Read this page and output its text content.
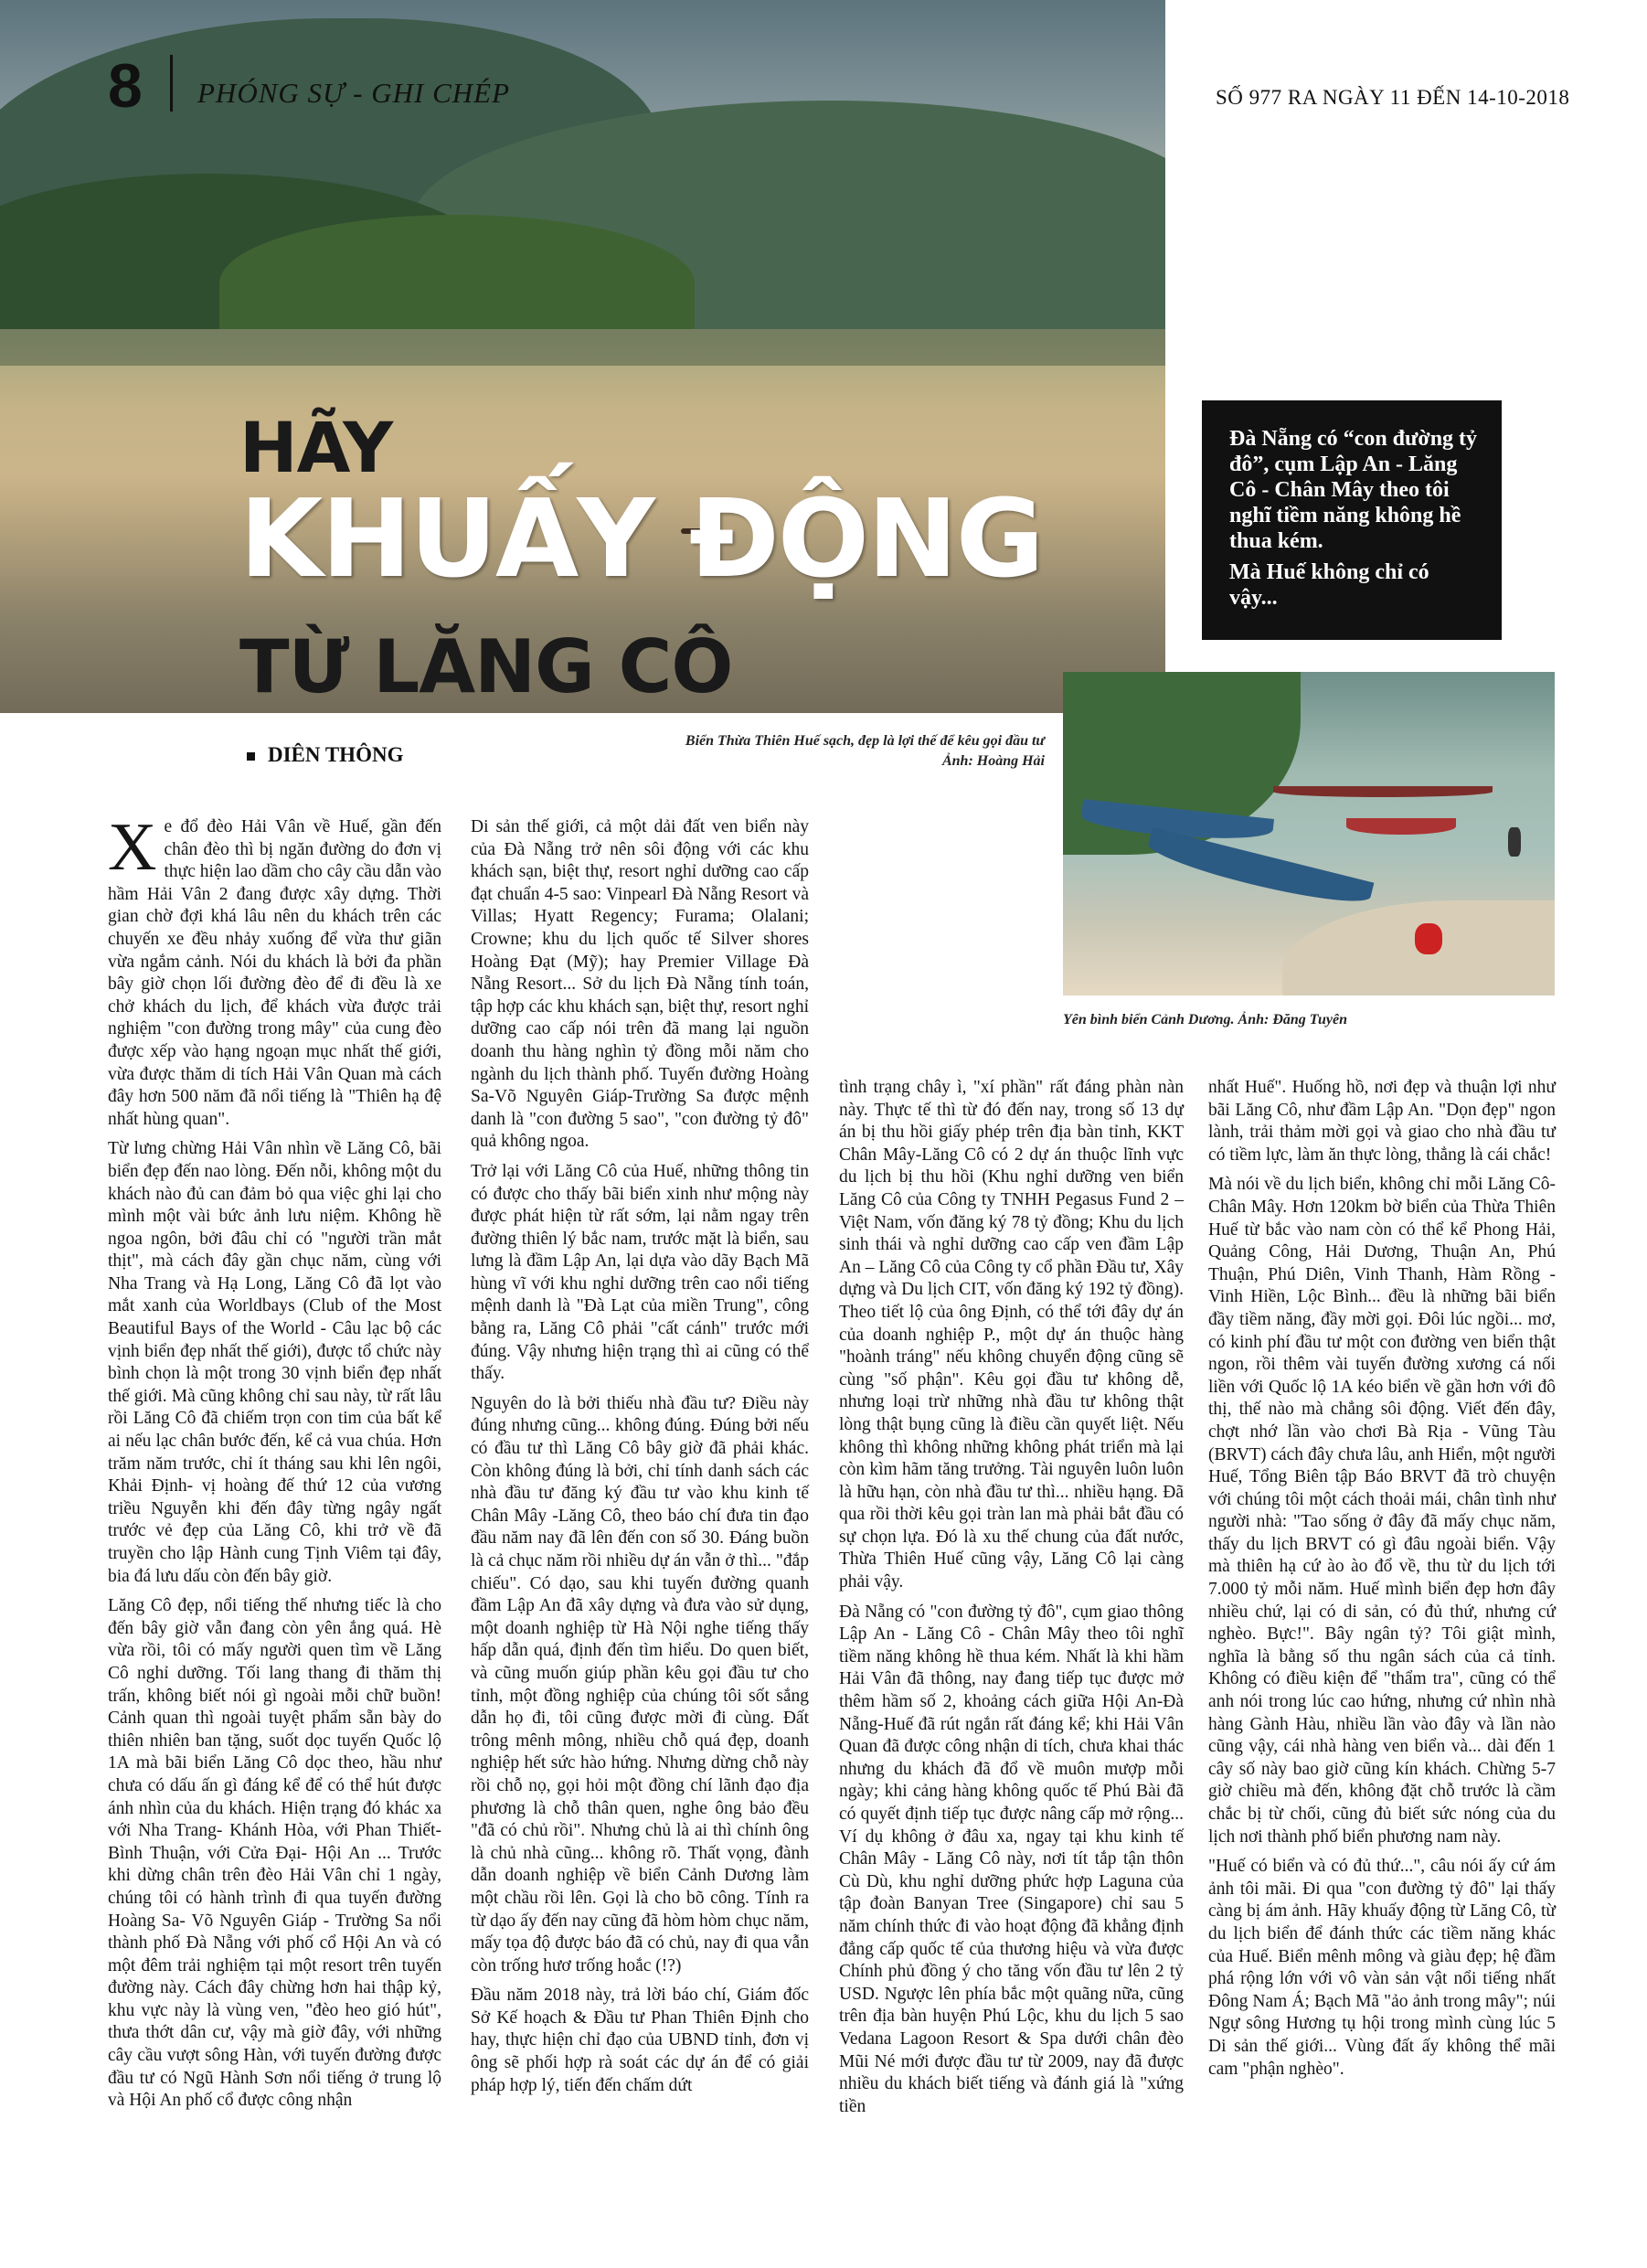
8 PHÓNG SỰ - GHI CHÉP	SỐ 977 RA NGÀY 11 ĐẾN 14-10-2018
HÃY
KHUẤY ĐỘNG
TỪ LĂNG CÔ

Đà Nẵng có “con đường tỷ đô”, cụm Lập An - Lăng Cô - Chân Mây theo tôi nghĩ tiềm năng không hề thua kém.

Mà Huế không chỉ có vậy...

Biển Thừa Thiên Huế sạch, đẹp là lợi thế để kêu gọi đầu tư
Ảnh: Hoàng Hải
Yên bình biển Cảnh Dương. Ảnh: Đăng Tuyên
DIÊN THÔNG

Xe đổ đèo Hải Vân về Huế, gần đến chân đèo thì bị ngăn đường do đơn vị thực hiện lao dầm cho cây cầu dẫn vào hầm Hải Vân 2 đang được xây dựng. Thời gian chờ đợi khá lâu nên du khách trên các chuyến xe đều nhảy xuống để vừa thư giãn vừa ngắm cảnh. Nói du khách là bởi đa phần bây giờ chọn lối đường đèo để đi đều là xe chở khách du lịch, để khách vừa được trải nghiệm "con đường trong mây" của cung đèo được xếp vào hạng ngoạn mục nhất thế giới, vừa được thăm di tích Hải Vân Quan mà cách đây hơn 500 năm đã nổi tiếng là "Thiên hạ đệ nhất hùng quan".

Từ lưng chừng Hải Vân nhìn về Lăng Cô, bãi biển đẹp đến nao lòng. Đến nỗi, không một du khách nào đủ can đảm bỏ qua việc ghi lại cho mình một vài bức ảnh lưu niệm. Không hề ngoa ngôn, bởi đâu chỉ có "người trần mắt thịt", mà cách đây gần chục năm, cùng với Nha Trang và Hạ Long, Lăng Cô đã lọt vào mắt xanh của Worldbays (Club of the Most Beautiful Bays of the World - Câu lạc bộ các vịnh biển đẹp nhất thế giới), được tổ chức này bình chọn là một trong 30 vịnh biển đẹp nhất thế giới. Mà cũng không chỉ sau này, từ rất lâu rồi Lăng Cô đã chiếm trọn con tim của bất kể ai nếu lạc chân bước đến, kể cả vua chúa. Hơn trăm năm trước, chỉ ít tháng sau khi lên ngôi, Khải Định- vị hoàng đế thứ 12 của vương triều Nguyễn khi đến đây từng ngây ngất trước vẻ đẹp của Lăng Cô, khi trở về đã truyền cho lập Hành cung Tịnh Viêm tại đây, bia đá lưu dấu còn đến bây giờ.

Lăng Cô đẹp, nổi tiếng thế nhưng tiếc là cho đến bây giờ vẫn đang còn yên ắng quá. Hè vừa rồi, tôi có mấy người quen tìm về Lăng Cô nghỉ dưỡng. Tối lang thang đi thăm thị trấn, không biết nói gì ngoài mỗi chữ buồn! Cảnh quan thì ngoài tuyệt phẩm sẵn bày do thiên nhiên ban tặng, suốt dọc tuyến Quốc lộ 1A mà bãi biển Lăng Cô dọc theo, hầu như chưa có dấu ấn gì đáng kể để có thể hút được ánh nhìn của du khách. Hiện trạng đó khác xa với Nha Trang- Khánh Hòa, với Phan Thiết- Bình Thuận, với Cửa Đại- Hội An ... Trước khi dừng chân trên đèo Hải Vân chỉ 1 ngày, chúng tôi có hành trình đi qua tuyến đường Hoàng Sa- Võ Nguyên Giáp - Trường Sa nổi thành phố Đà Nẵng với phố cổ Hội An và có một đêm trải nghiệm tại một resort trên tuyến đường này. Cách đây chừng hơn hai thập kỷ, khu vực này là vùng ven, "đèo heo gió hút", thưa thớt dân cư, vậy mà giờ đây, với những cây cầu vượt sông Hàn, với tuyến đường được đầu tư có Ngũ Hành Sơn nổi tiếng ở trung lộ và Hội An phố cổ được công nhận

Di sản thế giới, cả một dải đất ven biển này của Đà Nẵng trở nên sôi động với các khu khách sạn, biệt thự, resort nghỉ dưỡng cao cấp đạt chuẩn 4-5 sao: Vinpearl Đà Nẵng Resort và Villas; Hyatt Regency; Furama; Olalani; Crowne; khu du lịch quốc tế Silver shores Hoàng Đạt (Mỹ); hay Premier Village Đà Nẵng Resort... Sở du lịch Đà Nẵng tính toán, tập hợp các khu khách sạn, biệt thự, resort nghỉ dưỡng cao cấp nói trên đã mang lại nguồn doanh thu hàng nghìn tỷ đồng mỗi năm cho ngành du lịch thành phố. Tuyến đường Hoàng Sa-Võ Nguyên Giáp-Trường Sa được mệnh danh là "con đường 5 sao", "con đường tỷ đô" quả không ngoa.

Trở lại với Lăng Cô của Huế, những thông tin có được cho thấy bãi biển xinh như mộng này được phát hiện từ rất sớm, lại nằm ngay trên đường thiên lý bắc nam, trước mặt là biển, sau lưng là đầm Lập An, lại dựa vào dãy Bạch Mã hùng vĩ với khu nghỉ dưỡng trên cao nổi tiếng mệnh danh là "Đà Lạt của miền Trung", công bằng ra, Lăng Cô phải "cất cánh" trước mới đúng. Vậy nhưng hiện trạng thì ai cũng có thể thấy.

Nguyên do là bởi thiếu nhà đầu tư? Điều này đúng nhưng cũng... không đúng. Đúng bởi nếu có đầu tư thì Lăng Cô bây giờ đã phải khác. Còn không đúng là bởi, chỉ tính danh sách các nhà đầu tư đăng ký đầu tư vào khu kinh tế Chân Mây -Lăng Cô, theo báo chí đưa tin đạo đầu năm nay đã lên đến con số 30. Đáng buồn là cả chục năm rồi nhiều dự án vẫn ở thì... "đắp chiếu". Có dạo, sau khi tuyến đường quanh đầm Lập An đã xây dựng và đưa vào sử dụng, một doanh nghiệp từ Hà Nội nghe tiếng thấy hấp dẫn quá, định đến tìm hiểu. Do quen biết, và cũng muốn giúp phần kêu gọi đầu tư cho tỉnh, một đồng nghiệp của chúng tôi sốt sắng dẫn họ đi, tôi cũng được mời đi cùng. Đất trông mênh mông, nhiều chỗ quá đẹp, doanh nghiệp hết sức hào hứng. Nhưng dừng chỗ này rồi chỗ nọ, gọi hỏi một đồng chí lãnh đạo địa phương là chỗ thân quen, nghe ông bảo đều "đã có chủ rồi". Nhưng chủ là ai thì chính ông là chủ nhà cũng... không rõ. Thất vọng, đành dẫn doanh nghiệp về biển Cảnh Dương làm một chầu rồi lên. Gọi là cho bõ công. Tính ra từ dạo ấy đến nay cũng đã hòm hòm chục năm, mấy tọa độ được báo đã có chủ, nay đi qua vẫn còn trống hươ trống hoắc (!?)

Đầu năm 2018 này, trả lời báo chí, Giám đốc Sở Kế hoạch & Đầu tư Phan Thiên Định cho hay, thực hiện chỉ đạo của UBND tỉnh, đơn vị ông sẽ phối hợp rà soát các dự án để có giải pháp hợp lý, tiến đến chấm dứt

tình trạng chây ì, "xí phần" rất đáng phàn nàn này. Thực tế thì từ đó đến nay, trong số 13 dự án bị thu hồi giấy phép trên địa bàn tỉnh, KKT Chân Mây-Lăng Cô có 2 dự án thuộc lĩnh vực du lịch bị thu hồi (Khu nghỉ dưỡng ven biển Lăng Cô của Công ty TNHH Pegasus Fund 2 – Việt Nam, vốn đăng ký 78 tỷ đồng; Khu du lịch sinh thái và nghỉ dưỡng cao cấp ven đầm Lập An – Lăng Cô của Công ty cổ phần Đầu tư, Xây dựng và Du lịch CIT, vốn đăng ký 192 tỷ đồng). Theo tiết lộ của ông Định, có thể tới đây dự án của doanh nghiệp P., một dự án thuộc hàng "hoành tráng" nếu không chuyển động cũng sẽ cùng "số phận". Kêu gọi đầu tư không dễ, nhưng loại trừ những nhà đầu tư không thật lòng thật bụng cũng là điều cần quyết liệt. Nếu không thì không những không phát triển mà lại còn kìm hãm tăng trưởng. Tài nguyên luôn luôn là hữu hạn, còn nhà đầu tư thì... nhiều hạng. Đã qua rồi thời kêu gọi tràn lan mà phải bắt đầu có sự chọn lựa. Đó là xu thế chung của đất nước, Thừa Thiên Huế cũng vậy, Lăng Cô lại càng phải vậy.

Đà Nẵng có "con đường tỷ đô", cụm giao thông Lập An - Lăng Cô - Chân Mây theo tôi nghĩ tiềm năng không hề thua kém. Nhất là khi hầm Hải Vân đã thông, nay đang tiếp tục được mở thêm hầm số 2, khoảng cách giữa Hội An-Đà Nẵng-Huế đã rút ngắn rất đáng kể; khi Hải Vân Quan đã được công nhận di tích, chưa khai thác nhưng du khách đã đổ về muôn mượp mỗi ngày; khi cảng hàng không quốc tế Phú Bài đã có quyết định tiếp tục được nâng cấp mở rộng... Ví dụ không ở đâu xa, ngay tại khu kinh tế Chân Mây - Lăng Cô này, nơi tít tắp tận thôn Cù Dù, khu nghỉ dưỡng phức hợp Laguna của tập đoàn Banyan Tree (Singapore) chỉ sau 5 năm chính thức đi vào hoạt động đã khẳng định đẳng cấp quốc tế của thương hiệu và vừa được Chính phủ đồng ý cho tăng vốn đầu tư lên 2 tỷ USD. Ngược lên phía bắc một quãng nữa, cũng trên địa bàn huyện Phú Lộc, khu du lịch 5 sao Vedana Lagoon Resort & Spa dưới chân đèo Mũi Né mới được đầu tư từ 2009, nay đã được nhiều du khách biết tiếng và đánh giá là "xứng tiền

nhất Huế". Huống hồ, nơi đẹp và thuận lợi như bãi Lăng Cô, như đầm Lập An. "Dọn đẹp" ngon lành, trải thảm mời gọi và giao cho nhà đầu tư có tiềm lực, làm ăn thực lòng, thẳng là cái chắc!

Mà nói về du lịch biển, không chỉ mỗi Lăng Cô- Chân Mây. Hơn 120km bờ biển của Thừa Thiên Huế từ bắc vào nam còn có thể kể Phong Hải, Quảng Công, Hải Dương, Thuận An, Phú Thuận, Phú Diên, Vinh Thanh, Hàm Rồng - Vinh Hiền, Lộc Bình... đều là những bãi biển đầy tiềm năng, đầy mời gọi. Đôi lúc ngồi... mơ, có kinh phí đầu tư một con đường ven biển thật ngon, rồi thêm vài tuyến đường xương cá nối liền với Quốc lộ 1A kéo biển về gần hơn với đô thị, thế nào mà chẳng sôi động. Viết đến đây, chợt nhớ lần vào chơi Bà Rịa - Vũng Tàu (BRVT) cách đây chưa lâu, anh Hiển, một người Huế, Tổng Biên tập Báo BRVT đã trò chuyện với chúng tôi một cách thoải mái, chân tình như người nhà: "Tao sống ở đây đã mấy chục năm, thấy du lịch BRVT có gì đâu ngoài biển. Vậy mà thiên hạ cứ ào ào đổ về, thu từ du lịch tới 7.000 tỷ mỗi năm. Huế mình biển đẹp hơn đây nhiều chứ, lại có di sản, có đủ thứ, nhưng cứ nghèo. Bực!". Bây ngân tỷ? Tôi giật mình, nghĩa là bằng số thu ngân sách của cả tỉnh. Không có điều kiện để "thẩm tra", cũng có thể anh nói trong lúc cao hứng, nhưng cứ nhìn nhà hàng Gành Hàu, nhiều lần vào đây và lần nào cũng vậy, cái nhà hàng ven biển và... dài đến 1 cây số này bao giờ cũng kín khách. Chừng 5-7 giờ chiều mà đến, không đặt chỗ trước là cầm chắc bị từ chối, cũng đủ biết sức nóng của du lịch nơi thành phố biển phương nam này.

"Huế có biển và có đủ thứ...", câu nói ấy cứ ám ảnh tôi mãi. Đi qua "con đường tỷ đô" lại thấy càng bị ám ảnh. Hãy khuấy động từ Lăng Cô, từ du lịch biển để đánh thức các tiềm năng khác của Huế. Biển mênh mông và giàu đẹp; hệ đầm phá rộng lớn với vô vàn sản vật nổi tiếng nhất Đông Nam Á; Bạch Mã "ảo ảnh trong mây"; núi Ngự sông Hương tụ hội trong mình cùng lúc 5 Di sản thế giới... Vùng đất ấy không thể mãi cam "phận nghèo".
